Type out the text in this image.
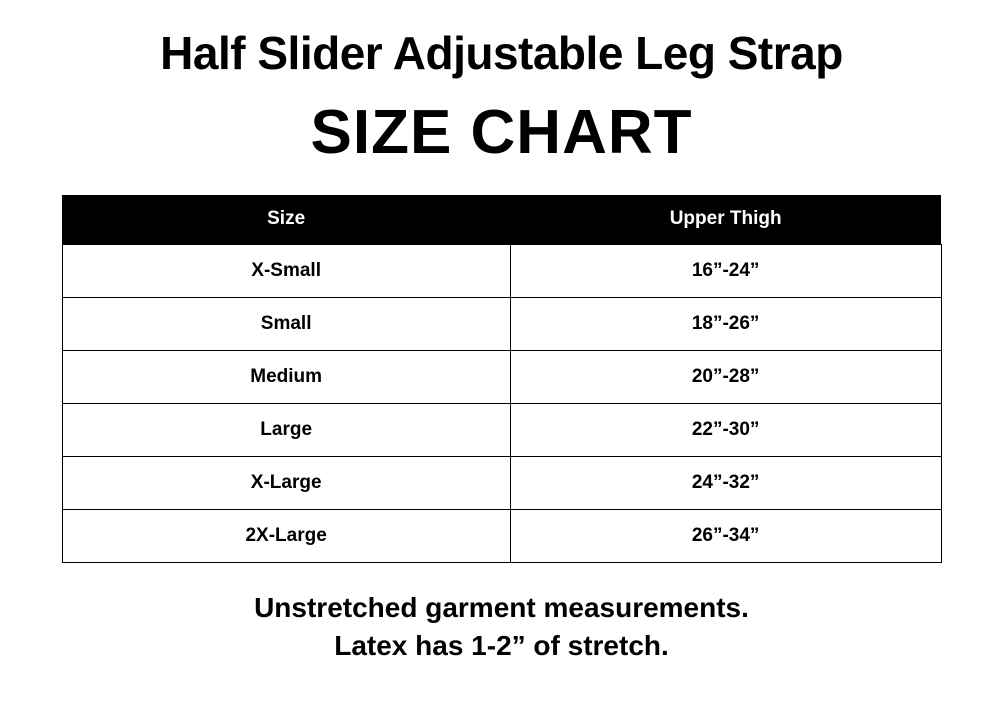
Half Slider Adjustable Leg Strap
SIZE CHART
Size	Upper Thigh
X-Small	16”-24”
Small	18”-26”
Medium	20”-28”
Large	22”-30”
X-Large	24”-32”
2X-Large	26”-34”
Unstretched garment measurements.
Latex has 1-2” of stretch.
